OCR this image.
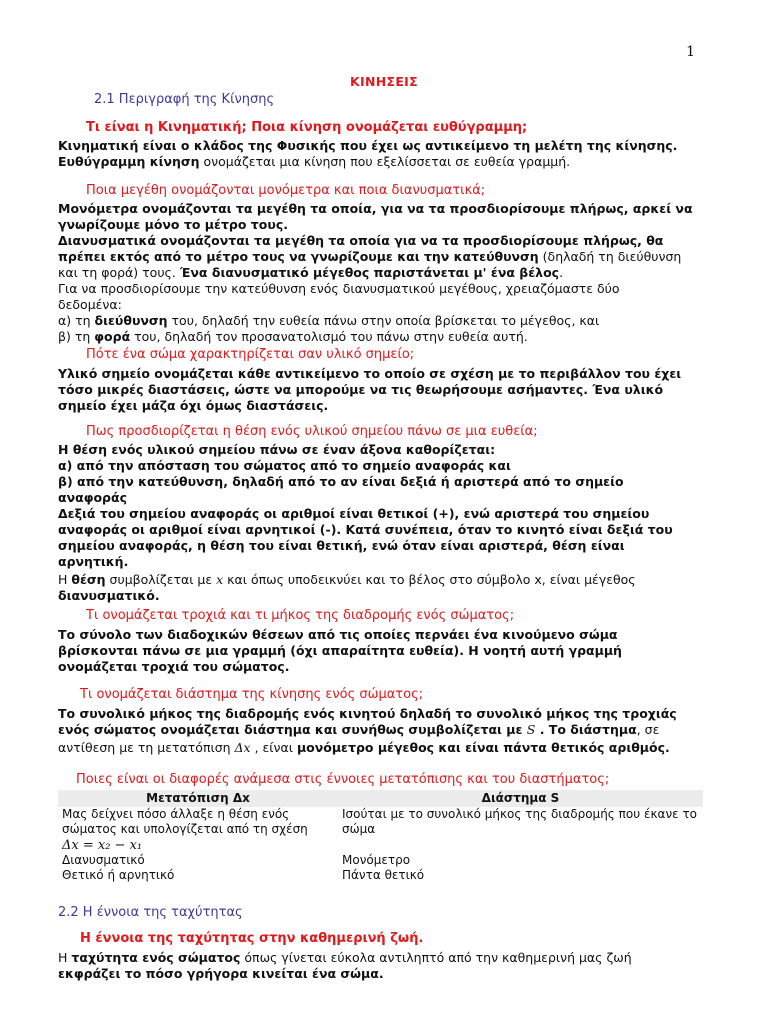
1
ΚΙΝΗΣΕΙΣ
2.1 Περιγραφή της Κίνησης
Τι είναι η Κινηματική; Ποια κίνηση ονομάζεται ευθύγραμμη;
Κινηματική είναι ο κλάδος της Φυσικής που έχει ως αντικείμενο τη μελέτη της κίνησης.
Ευθύγραμμη κίνηση ονομάζεται μια κίνηση που εξελίσσεται σε ευθεία γραμμή.
Ποια μεγέθη ονομάζονται μονόμετρα και ποια διανυσματικά;
Μονόμετρα ονομάζονται τα μεγέθη τα οποία, για να τα προσδιορίσουμε πλήρως, αρκεί να
γνωρίζουμε μόνο το μέτρο τους.
Διανυσματικά ονομάζονται τα μεγέθη τα οποία για να τα προσδιορίσουμε πλήρως, θα
πρέπει εκτός από το μέτρο τους να γνωρίζουμε και την κατεύθυνση (δηλαδή τη διεύθυνση
και τη φορά) τους. Ένα διανυσματικό μέγεθος παριστάνεται μ' ένα βέλος.
Για να προσδιορίσουμε την κατεύθυνση ενός διανυσματικού μεγέθους, χρειαζόμαστε δύο
δεδομένα:
α) τη διεύθυνση του, δηλαδή την ευθεία πάνω στην οποία βρίσκεται το μέγεθος, και
β) τη φορά του, δηλαδή τον προσανατολισμό του πάνω στην ευθεία αυτή.
Πότε ένα σώμα χαρακτηρίζεται σαν υλικό σημείο;
Υλικό σημείο ονομάζεται κάθε αντικείμενο το οποίο σε σχέση με το περιβάλλον του έχει
τόσο μικρές διαστάσεις, ώστε να μπορούμε να τις θεωρήσουμε ασήμαντες. Ένα υλικό
σημείο έχει μάζα όχι όμως διαστάσεις.
Πως προσδιορίζεται η θέση ενός υλικού σημείου πάνω σε μια ευθεία;
Η θέση ενός υλικού σημείου πάνω σε έναν άξονα καθορίζεται:
α) από την απόσταση του σώματος από το σημείο αναφοράς και
β) από την κατεύθυνση, δηλαδή από το αν είναι δεξιά ή αριστερά από το σημείο
αναφοράς
Δεξιά του σημείου αναφοράς οι αριθμοί είναι θετικοί (+), ενώ αριστερά του σημείου
αναφοράς οι αριθμοί είναι αρνητικοί (-). Κατά συνέπεια, όταν το κινητό είναι δεξιά του
σημείου αναφοράς, η θέση του είναι θετική, ενώ όταν είναι αριστερά, θέση είναι
αρνητική.
Η θέση συμβολίζεται με x και όπως υποδεικνύει και το βέλος στο σύμβολο x, είναι μέγεθος
διανυσματικό.
Τι ονομάζεται τροχιά και τι μήκος της διαδρομής ενός σώματος;
Το σύνολο των διαδοχικών θέσεων από τις οποίες περνάει ένα κινούμενο σώμα
βρίσκονται πάνω σε μια γραμμή (όχι απαραίτητα ευθεία). Η νοητή αυτή γραμμή
ονομάζεται τροχιά του σώματος.
Τι ονομάζεται διάστημα της κίνησης ενός σώματος;
Το συνολικό μήκος της διαδρομής ενός κινητού δηλαδή το συνολικό μήκος της τροχιάς
ενός σώματος ονομάζεται διάστημα και συνήθως συμβολίζεται με S . Το διάστημα, σε
αντίθεση με τη μετατόπιση Δx , είναι μονόμετρο μέγεθος και είναι πάντα θετικός αριθμός.
Ποιες είναι οι διαφορές ανάμεσα στις έννοιες μετατόπισης και του διαστήματος;
Μετατόπιση Δx	Διάστημα S

Μας δείχνει πόσο άλλαξε η θέση ενός σώματος και υπολογίζεται από τη σχέση
Δx = x₂ − x₁	Ισούται με το συνολικό μήκος της διαδρομής που έκανε το σώμα
Διανυσματικό	Μονόμετρο
Θετικό ή αρνητικό	Πάντα θετικό
2.2 Η έννοια της ταχύτητας
Η έννοια της ταχύτητας στην καθημερινή ζωή.
Η ταχύτητα ενός σώματος όπως γίνεται εύκολα αντιληπτό από την καθημερινή μας ζωή
εκφράζει το πόσο γρήγορα κινείται ένα σώμα.
